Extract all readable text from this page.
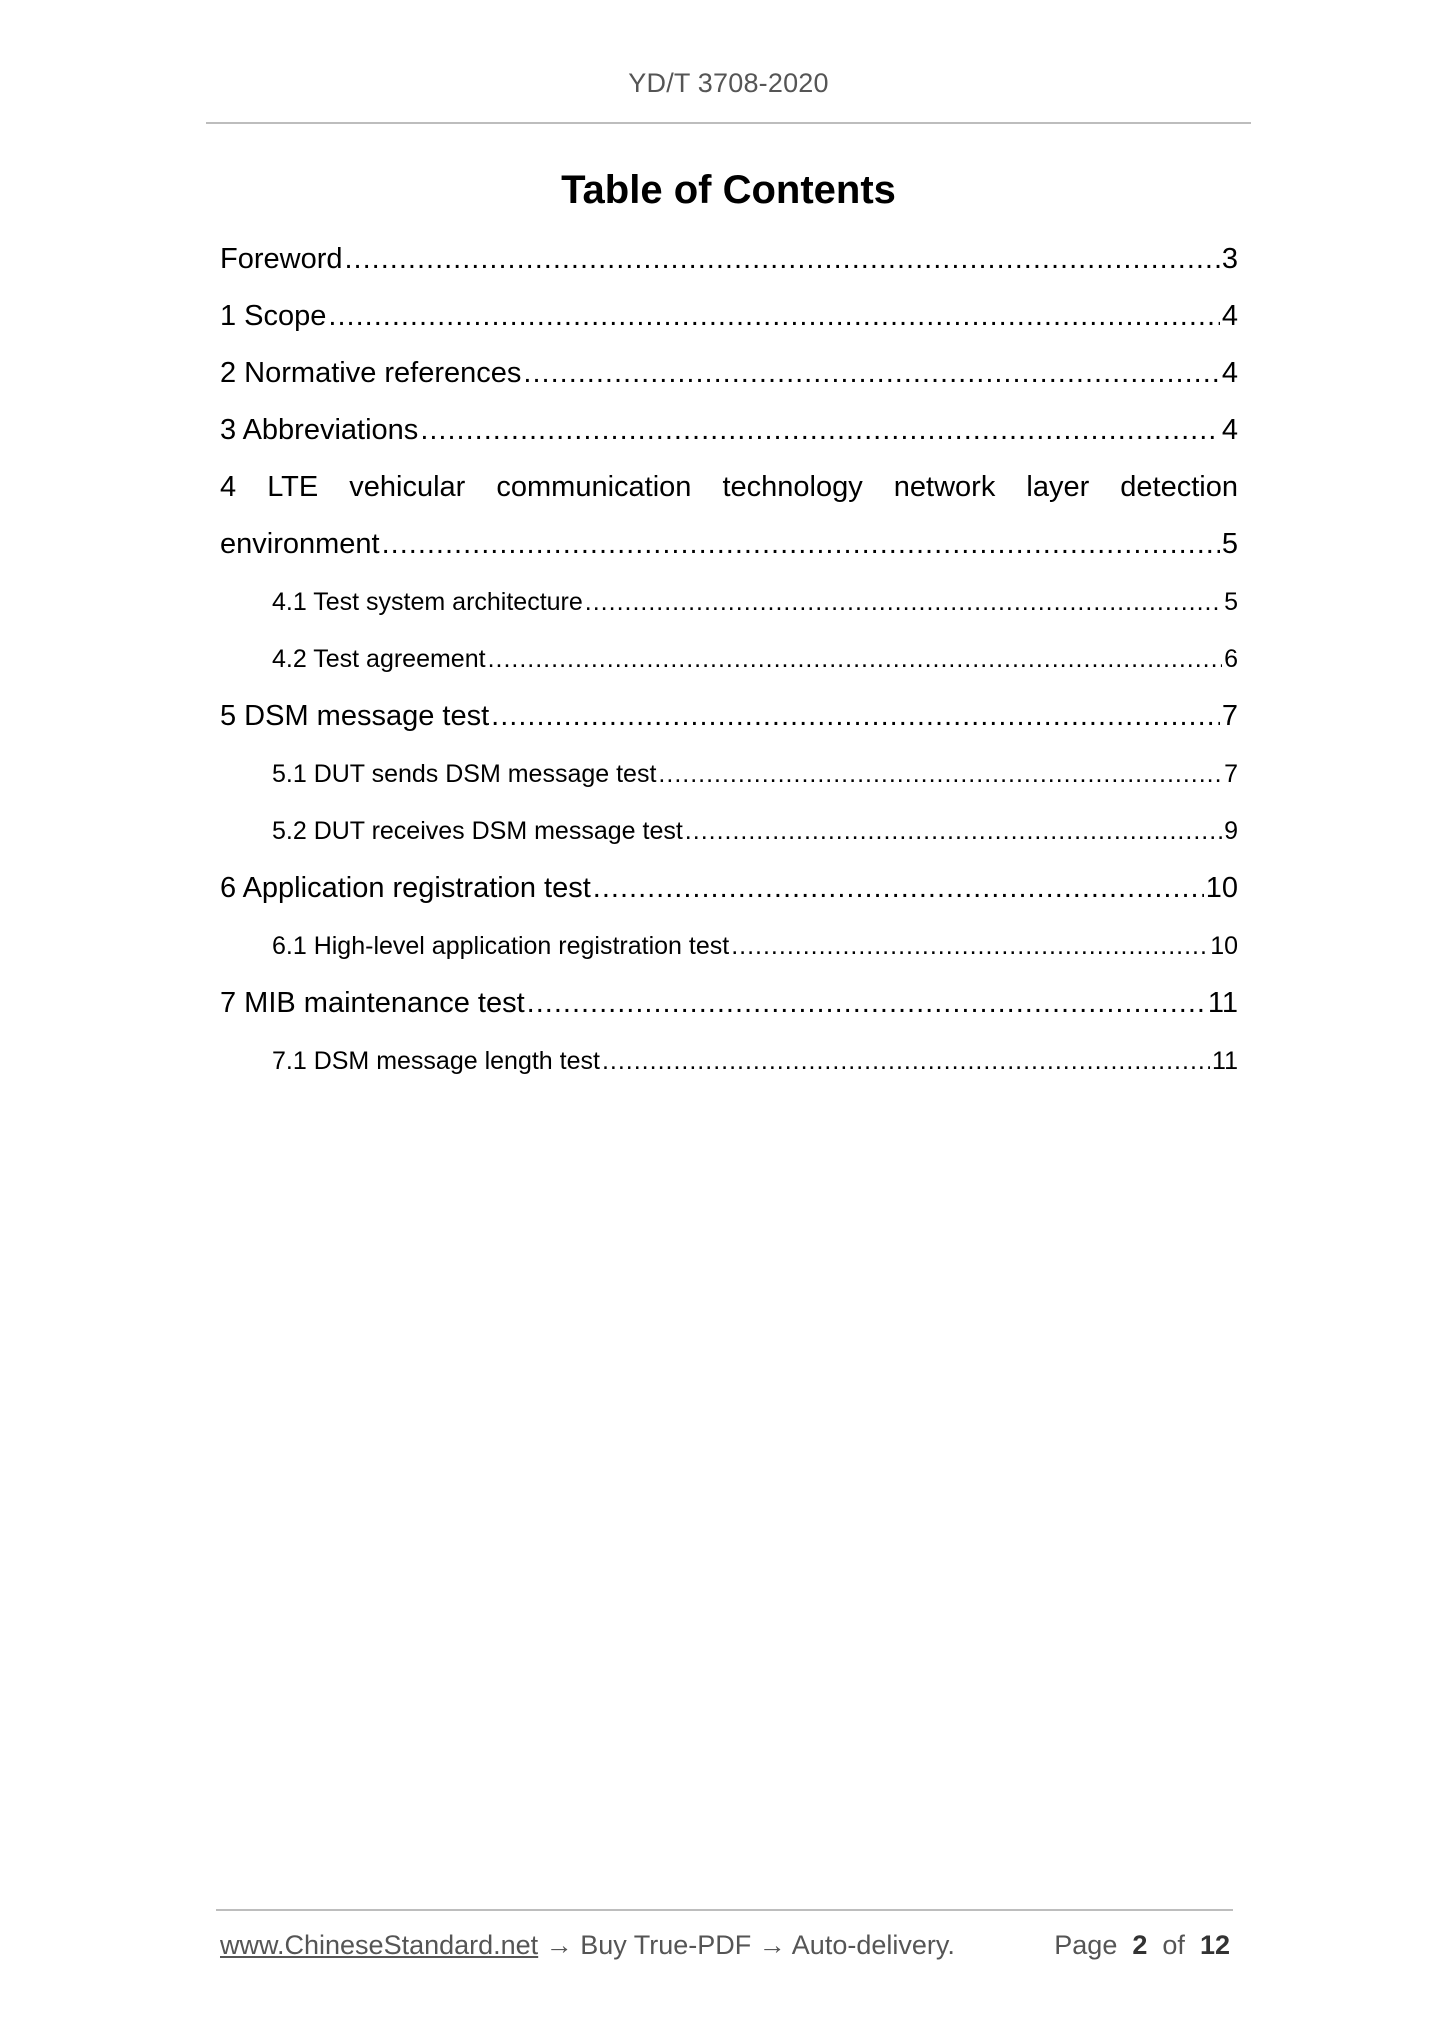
YD/T 3708-2020
Table of Contents
Foreword .....	3
1 Scope .....	4
2 Normative references .....	4
3 Abbreviations .....	4
4 LTE vehicular communication technology network layer detection
environment .....	5
4.1 Test system architecture .....	5
4.2 Test agreement .....	6
5 DSM message test .....	7
5.1 DUT sends DSM message test .....	7
5.2 DUT receives DSM message test .....	9
6 Application registration test .....	10
6.1 High-level application registration test .....	10
7 MIB maintenance test .....	11
7.1 DSM message length test .....	11
www.ChineseStandard.net → Buy True-PDF → Auto-delivery.	Page 2 of 12
